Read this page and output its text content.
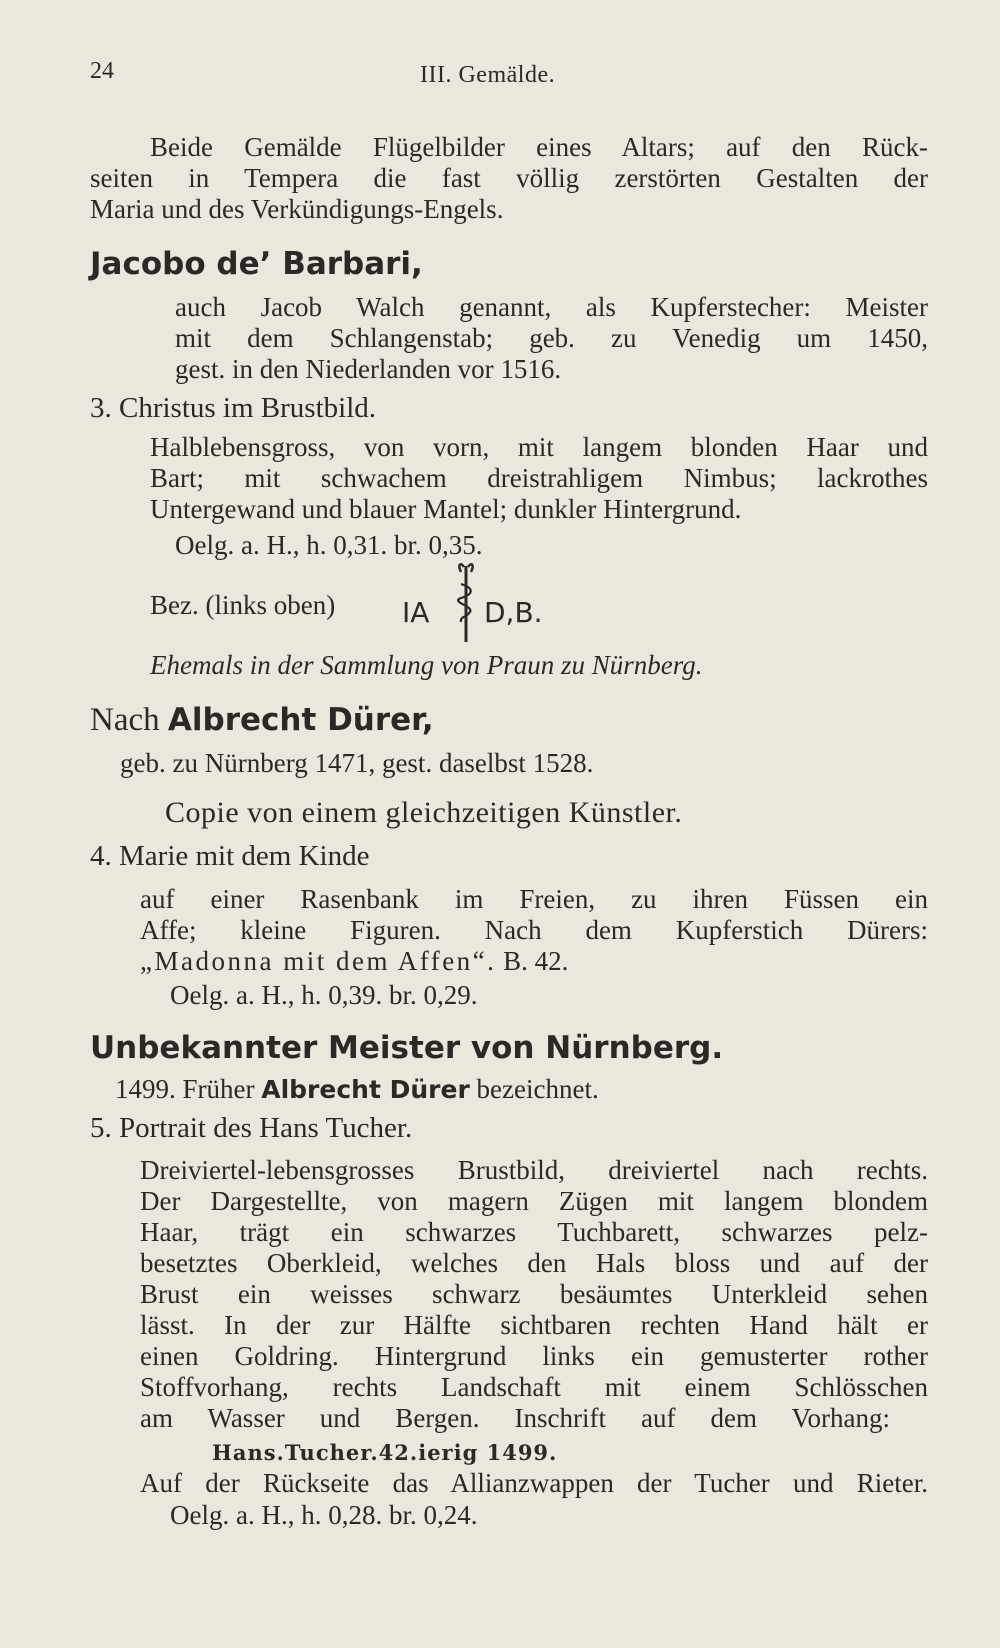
24	III. Gemälde.
Beide Gemälde Flügelbilder eines Altars; auf den Rück-
seiten in Tempera die fast völlig zerstörten Gestalten der
Maria und des Verkündigungs-Engels.
Jacobo de’ Barbari,
auch Jacob Walch genannt, als Kupferstecher: Meister
mit dem Schlangenstab; geb. zu Venedig um 1450,
gest. in den Niederlanden vor 1516.
3. Christus im Brustbild.
Halblebensgross, von vorn, mit langem blonden Haar und
Bart; mit schwachem dreistrahligem Nimbus; lackrothes
Untergewand und blauer Mantel; dunkler Hintergrund.
Oelg. a. H., h. 0,31. br. 0,35.
Bez. (links oben) IA D,B.
Ehemals in der Sammlung von Praun zu Nürnberg.
Nach Albrecht Dürer,
geb. zu Nürnberg 1471, gest. daselbst 1528.
Copie von einem gleichzeitigen Künstler.
4. Marie mit dem Kinde
auf einer Rasenbank im Freien, zu ihren Füssen ein
Affe; kleine Figuren. Nach dem Kupferstich Dürers:
„Madonna mit dem Affen“. B. 42.
Oelg. a. H., h. 0,39. br. 0,29.
Unbekannter Meister von Nürnberg.
1499. Früher Albrecht Dürer bezeichnet.
5. Portrait des Hans Tucher.
Dreiviertel-lebensgrosses Brustbild, dreiviertel nach rechts.
Der Dargestellte, von magern Zügen mit langem blondem
Haar, trägt ein schwarzes Tuchbarett, schwarzes pelz-
besetztes Oberkleid, welches den Hals bloss und auf der
Brust ein weisses schwarz besäumtes Unterkleid sehen
lässt. In der zur Hälfte sichtbaren rechten Hand hält er
einen Goldring. Hintergrund links ein gemusterter rother
Stoffvorhang, rechts Landschaft mit einem Schlösschen
am Wasser und Bergen. Inschrift auf dem Vorhang:
Hans.Tucher.42.ierig 1499.
Auf der Rückseite das Allianzwappen der Tucher und Rieter.
Oelg. a. H., h. 0,28. br. 0,24.
